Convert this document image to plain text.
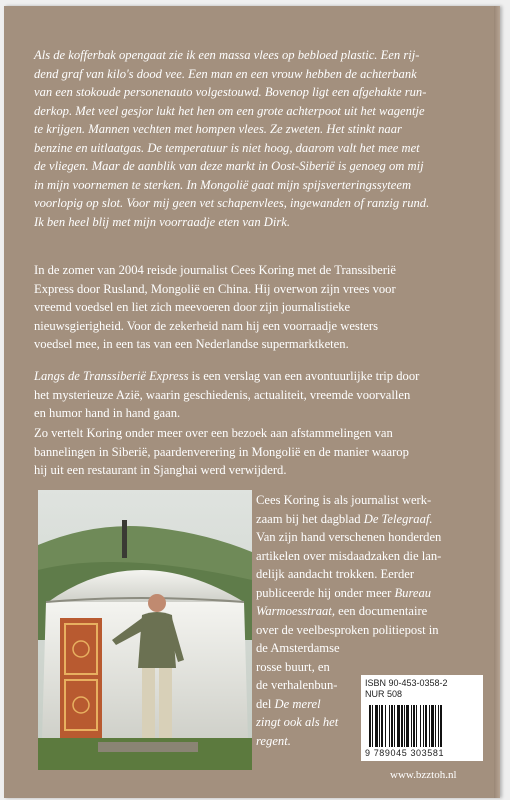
Als de kofferbak opengaat zie ik een massa vlees op bebloed plastic. Een rij-
dend graf van kilo's dood vee. Een man en een vrouw hebben de achterbank
van een stokoude personenauto volgestouwd. Bovenop ligt een afgehakte run-
derkop. Met veel gesjor lukt het hen om een grote achterpoot uit het wagentje
te krijgen. Mannen vechten met hompen vlees. Ze zweten. Het stinkt naar
benzine en uitlaatgas. De temperatuur is niet hoog, daarom valt het mee met
de vliegen. Maar de aanblik van deze markt in Oost-Siberië is genoeg om mij
in mijn voornemen te sterken. In Mongolië gaat mijn spijsverteringssyteem
voorlopig op slot. Voor mij geen vet schapenvlees, ingewanden of ranzig rund.
Ik ben heel blij met mijn voorraadje eten van Dirk.
In de zomer van 2004 reisde journalist Cees Koring met de Transsiberië
Express door Rusland, Mongolië en China. Hij overwon zijn vrees voor
vreemd voedsel en liet zich meevoeren door zijn journalistieke
nieuwsgierigheid. Voor de zekerheid nam hij een voorraadje westers
voedsel mee, in een tas van een Nederlandse supermarktketen.
Langs de Transsiberië Express is een verslag van een avontuurlijke trip door
het mysterieuze Azië, waarin geschiedenis, actualiteit, vreemde voorvallen
en humor hand in hand gaan.
Zo vertelt Koring onder meer over een bezoek aan afstammelingen van
bannelingen in Siberië, paardenverering in Mongolië en de manier waarop
hij uit een restaurant in Sjanghai werd verwijderd.
Cees Koring is als journalist werk-
zaam bij het dagblad De Telegraaf.
Van zijn hand verschenen honderden
artikelen over misdaadzaken die lan-
delijk aandacht trokken. Eerder
publiceerde hij onder meer Bureau
Warmoesstraat, een documentaire
over de veelbesproken politiepost in
de Amsterdamse
rosse buurt, en
de verhalenbun-
del De merel
zingt ook als het
regent.
ISBN 90-453-0358-2
NUR 508
9 789045 303581
www.bzztoh.nl
